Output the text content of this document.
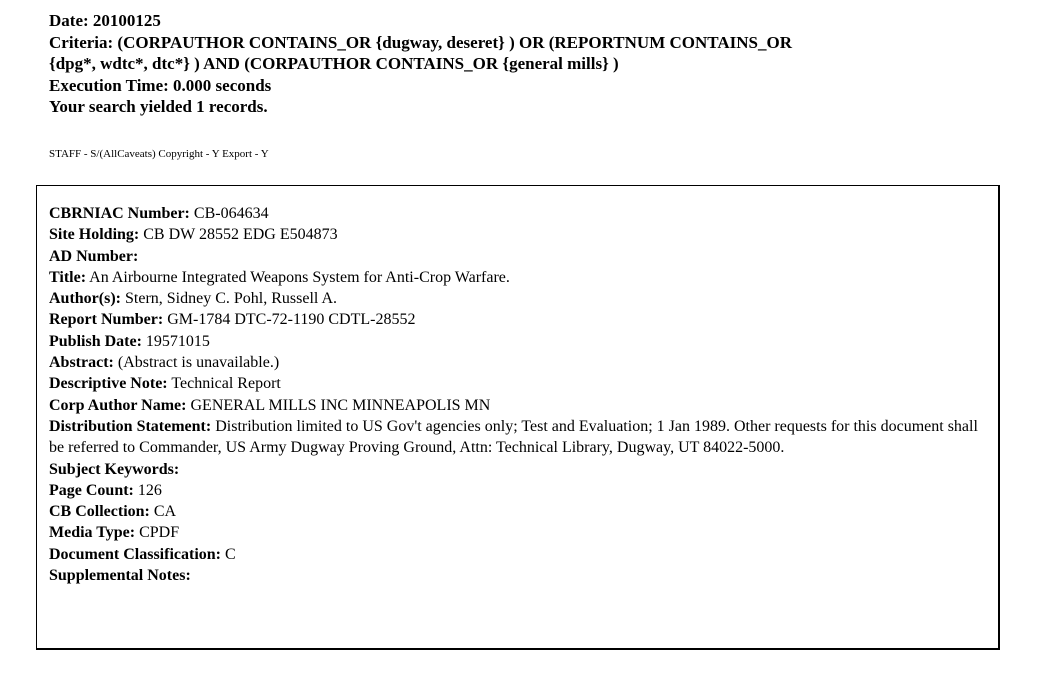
Date: 20100125
Criteria: (CORPAUTHOR CONTAINS_OR {dugway, deseret} ) OR (REPORTNUM CONTAINS_OR
{dpg*, wdtc*, dtc*} ) AND (CORPAUTHOR CONTAINS_OR {general mills} )
Execution Time: 0.000 seconds
Your search yielded 1 records.
STAFF - S/(AllCaveats) Copyright - Y Export - Y
CBRNIAC Number: CB-064634
Site Holding: CB DW 28552 EDG E504873
AD Number:
Title: An Airbourne Integrated Weapons System for Anti-Crop Warfare.
Author(s): Stern, Sidney C. Pohl, Russell A.
Report Number: GM-1784 DTC-72-1190 CDTL-28552
Publish Date: 19571015
Abstract: (Abstract is unavailable.)
Descriptive Note: Technical Report
Corp Author Name: GENERAL MILLS INC MINNEAPOLIS MN
Distribution Statement: Distribution limited to US Gov't agencies only; Test and Evaluation; 1 Jan 1989. Other requests for this document shall be referred to Commander, US Army Dugway Proving Ground, Attn: Technical Library, Dugway, UT 84022-5000.
Subject Keywords:
Page Count: 126
CB Collection: CA
Media Type: CPDF
Document Classification: C
Supplemental Notes:
